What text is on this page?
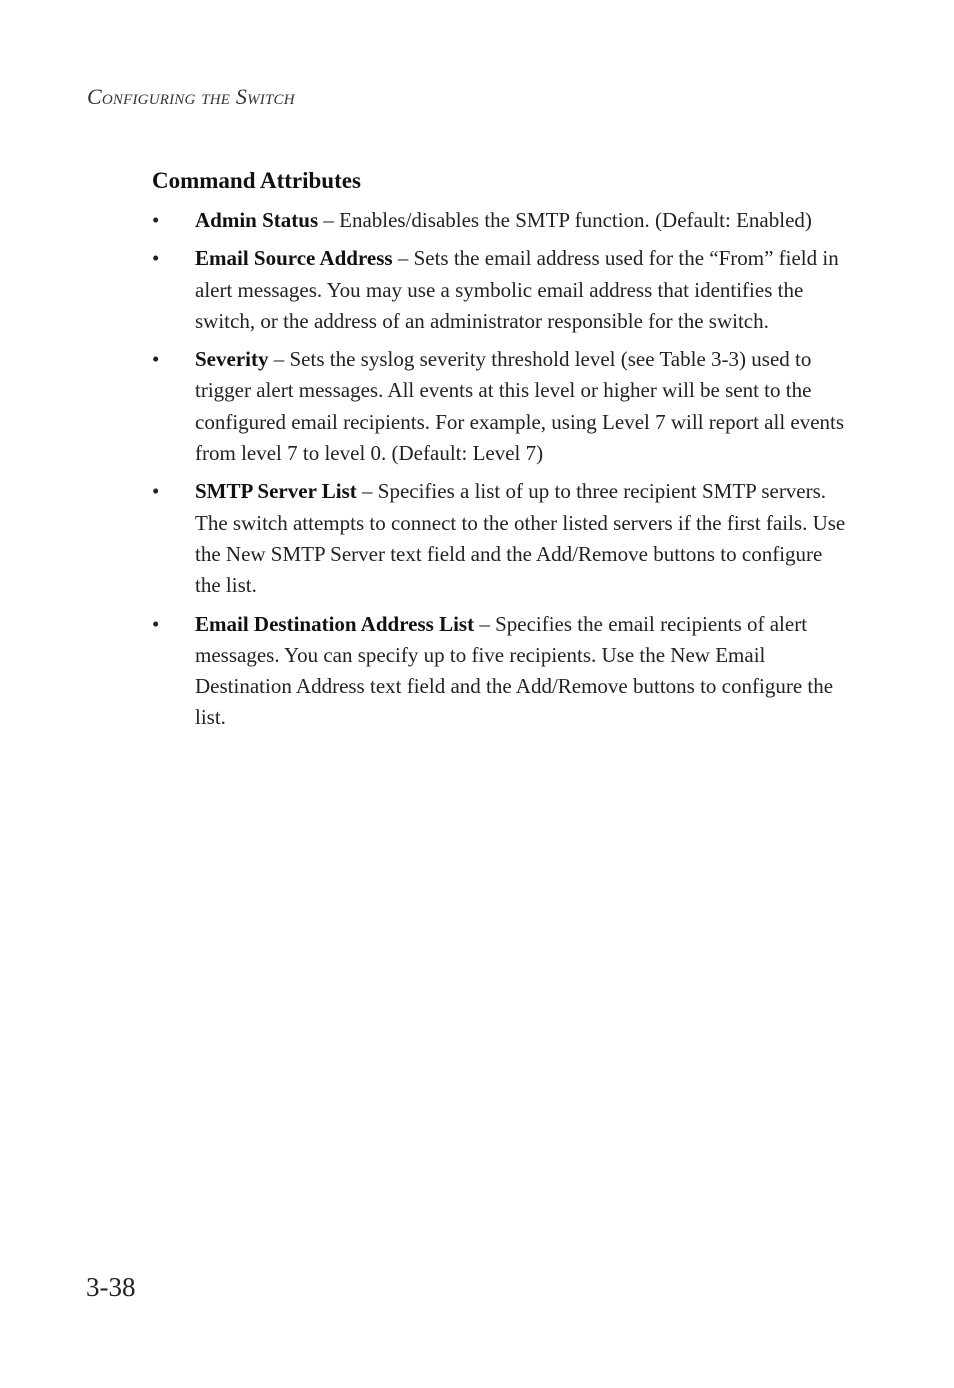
Configuring the Switch
Command Attributes
• Admin Status – Enables/disables the SMTP function. (Default: Enabled)
• Email Source Address – Sets the email address used for the “From” field in alert messages. You may use a symbolic email address that identifies the switch, or the address of an administrator responsible for the switch.
• Severity – Sets the syslog severity threshold level (see Table 3-3) used to trigger alert messages. All events at this level or higher will be sent to the configured email recipients. For example, using Level 7 will report all events from level 7 to level 0. (Default: Level 7)
• SMTP Server List – Specifies a list of up to three recipient SMTP servers. The switch attempts to connect to the other listed servers if the first fails. Use the New SMTP Server text field and the Add/Remove buttons to configure the list.
• Email Destination Address List – Specifies the email recipients of alert messages. You can specify up to five recipients. Use the New Email Destination Address text field and the Add/Remove buttons to configure the list.
3-38
